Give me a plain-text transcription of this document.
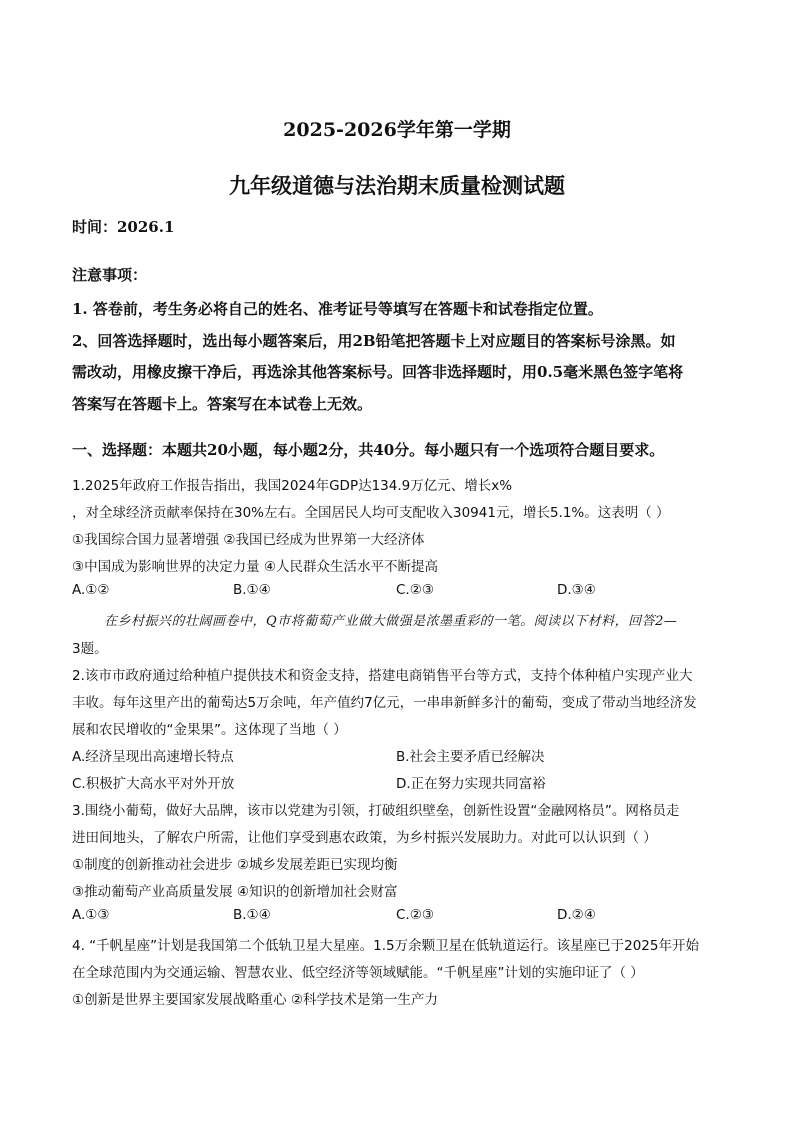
2025-2026学年第一学期
九年级道德与法治期末质量检测试题
时间：2026.1
注意事项：
1. 答卷前，考生务必将自己的姓名、准考证号等填写在答题卡和试卷指定位置。
2、回答选择题时，选出每小题答案后，用2B铅笔把答题卡上对应题目的答案标号涂黑。如
需改动，用橡皮擦干净后，再选涂其他答案标号。回答非选择题时，用0.5毫米黑色签字笔将
答案写在答题卡上。答案写在本试卷上无效。
一、选择题：本题共20小题，每小题2分，共40分。每小题只有一个选项符合题目要求。
1.2025年政府工作报告指出，我国2024年GDP达134.9万亿元、增长x%
，对全球经济贡献率保持在30%左右。全国居民人均可支配收入30941元，增长5.1%。这表明（ ）
①我国综合国力显著增强 ②我国已经成为世界第一大经济体
③中国成为影响世界的决定力量 ④人民群众生活水平不断提高
A.①②	B.①④	C.②③	D.③④
在乡村振兴的壮阔画卷中，Q市将葡萄产业做大做强是浓墨重彩的一笔。阅读以下材料，回答2—
3题。
2.该市市政府通过给种植户提供技术和资金支持，搭建电商销售平台等方式，支持个体种植户实现产业大
丰收。每年这里产出的葡萄达5万余吨，年产值约7亿元，一串串新鲜多汁的葡萄，变成了带动当地经济发
展和农民增收的“金果果”。这体现了当地（ ）
A.经济呈现出高速增长特点	B.社会主要矛盾已经解决
C.积极扩大高水平对外开放	D.正在努力实现共同富裕
3.围绕小葡萄，做好大品牌，该市以党建为引领，打破组织壁垒，创新性设置“金融网格员”。网格员走
进田间地头，了解农户所需，让他们享受到惠农政策，为乡村振兴发展助力。对此可以认识到（ ）
①制度的创新推动社会进步 ②城乡发展差距已实现均衡
③推动葡萄产业高质量发展 ④知识的创新增加社会财富
A.①③	B.①④	C.②③	D.②④
4. “千帆星座”计划是我国第二个低轨卫星大星座。1.5万余颗卫星在低轨道运行。该星座已于2025年开始
在全球范围内为交通运输、智慧农业、低空经济等领域赋能。“千帆星座”计划的实施印证了（ ）
①创新是世界主要国家发展战略重心 ②科学技术是第一生产力
